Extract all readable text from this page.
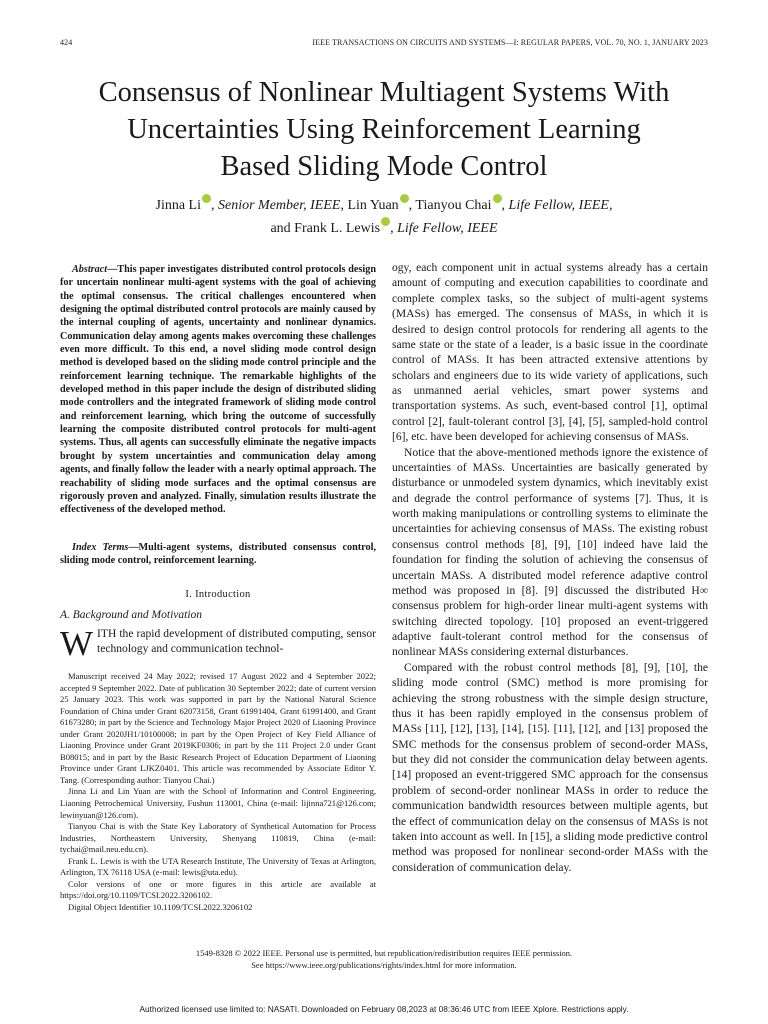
424	IEEE TRANSACTIONS ON CIRCUITS AND SYSTEMS—I: REGULAR PAPERS, VOL. 70, NO. 1, JANUARY 2023
Consensus of Nonlinear Multiagent Systems With
Uncertainties Using Reinforcement Learning
Based Sliding Mode Control
Jinna Li , Senior Member, IEEE, Lin Yuan , Tianyou Chai , Life Fellow, IEEE,
and Frank L. Lewis , Life Fellow, IEEE
Abstract—This paper investigates distributed control protocols design for uncertain nonlinear multi-agent systems with the goal of achieving the optimal consensus. The critical challenges encountered when designing the optimal distributed control protocols are mainly caused by the internal coupling of agents, uncertainty and nonlinear dynamics. Communication delay among agents makes overcoming these challenges even more difficult. To this end, a novel sliding mode control design method is developed based on the sliding mode control principle and the reinforcement learning technique. The remarkable highlights of the developed method in this paper include the design of distributed sliding mode controllers and the integrated framework of sliding mode control and reinforcement learning, which bring the outcome of successfully learning the composite distributed control protocols for multi-agent systems. Thus, all agents can successfully eliminate the negative impacts brought by system uncertainties and communication delay among agents, and finally follow the leader with a nearly optimal approach. The reachability of sliding mode surfaces and the optimal consensus are rigorously proven and analyzed. Finally, simulation results illustrate the effectiveness of the developed method.
Index Terms—Multi-agent systems, distributed consensus control, sliding mode control, reinforcement learning.
I. Introduction
A. Background and Motivation
WITH the rapid development of distributed computing, sensor technology and communication technol-

Manuscript received 24 May 2022; revised 17 August 2022 and 4 September 2022; accepted 9 September 2022. Date of publication 30 September 2022; date of current version 25 January 2023. This work was supported in part by the National Natural Science Foundation of China under Grant 62073158, Grant 61991404, Grant 61991400, and Grant 61673280; in part by the Science and Technology Major Project 2020 of Liaoning Province under Grant 2020JH1/10100008; in part by the Open Project of Key Field Alliance of Liaoning Province under Grant 2019KF0306; in part by the 111 Project 2.0 under Grant B08015; and in part by the Basic Research Project of Education Department of Liaoning Province under Grant LJKZ0401. This article was recommended by Associate Editor Y. Tang. (Corresponding author: Tianyou Chai.)

Jinna Li and Lin Yuan are with the School of Information and Control Engineering, Liaoning Petrochemical University, Fushun 113001, China (e-mail: lijinna721@126.com; lewinyuan@126.com).

Tianyou Chai is with the State Key Laboratory of Synthetical Automation for Process Industries, Northeastern University, Shenyang 110819, China (e-mail: tychai@mail.neu.edu.cn).

Frank L. Lewis is with the UTA Research Institute, The University of Texas at Arlington, Arlington, TX 76118 USA (e-mail: lewis@uta.edu).

Color versions of one or more figures in this article are available at https://doi.org/10.1109/TCSI.2022.3206102.

Digital Object Identifier 10.1109/TCSI.2022.3206102

ogy, each component unit in actual systems already has a certain amount of computing and execution capabilities to coordinate and complete complex tasks, so the subject of multi-agent systems (MASs) has emerged. The consensus of MASs, in which it is desired to design control protocols for rendering all agents to the same state or the state of a leader, is a basic issue in the coordinate control of MASs. It has been attracted extensive attentions by scholars and engineers due to its wide variety of applications, such as unmanned aerial vehicles, smart power systems and transportation systems. As such, event-based control [1], optimal control [2], fault-tolerant control [3], [4], [5], sampled-hold control [6], etc. have been developed for achieving consensus of MASs.

Notice that the above-mentioned methods ignore the existence of uncertainties of MASs. Uncertainties are basically generated by disturbance or unmodeled system dynamics, which inevitably exist and degrade the control performance of systems [7]. Thus, it is worth making manipulations or controlling systems to eliminate the uncertainties for achieving consensus of MASs. The existing robust consensus control methods [8], [9], [10] indeed have laid the foundation for finding the solution of achieving the consensus of uncertain MASs. A distributed model reference adaptive control method was proposed in [8]. [9] discussed the distributed H∞ consensus problem for high-order linear multi-agent systems with switching directed topology. [10] proposed an event-triggered adaptive fault-tolerant control method for the consensus of nonlinear MASs considering external disturbances.

Compared with the robust control methods [8], [9], [10], the sliding mode control (SMC) method is more promising for achieving the strong robustness with the simple design structure, thus it has been rapidly employed in the consensus problem of MASs [11], [12], [13], [14], [15]. [11], [12], and [13] proposed the SMC methods for the consensus problem of second-order MASs, but they did not consider the communication delay between agents. [14] proposed an event-triggered SMC approach for the consensus problem of second-order nonlinear MASs in order to reduce the communication bandwidth resources between multiple agents, but the effect of communication delay on the consensus of MASs is not taken into account as well. In [15], a sliding mode predictive control method was proposed for nonlinear second-order MASs with the consideration of communication delay.

1549-8328 © 2022 IEEE. Personal use is permitted, but republication/redistribution requires IEEE permission.
See https://www.ieee.org/publications/rights/index.html for more information.
Authorized licensed use limited to: NASATI. Downloaded on February 08,2023 at 08:36:46 UTC from IEEE Xplore. Restrictions apply.
